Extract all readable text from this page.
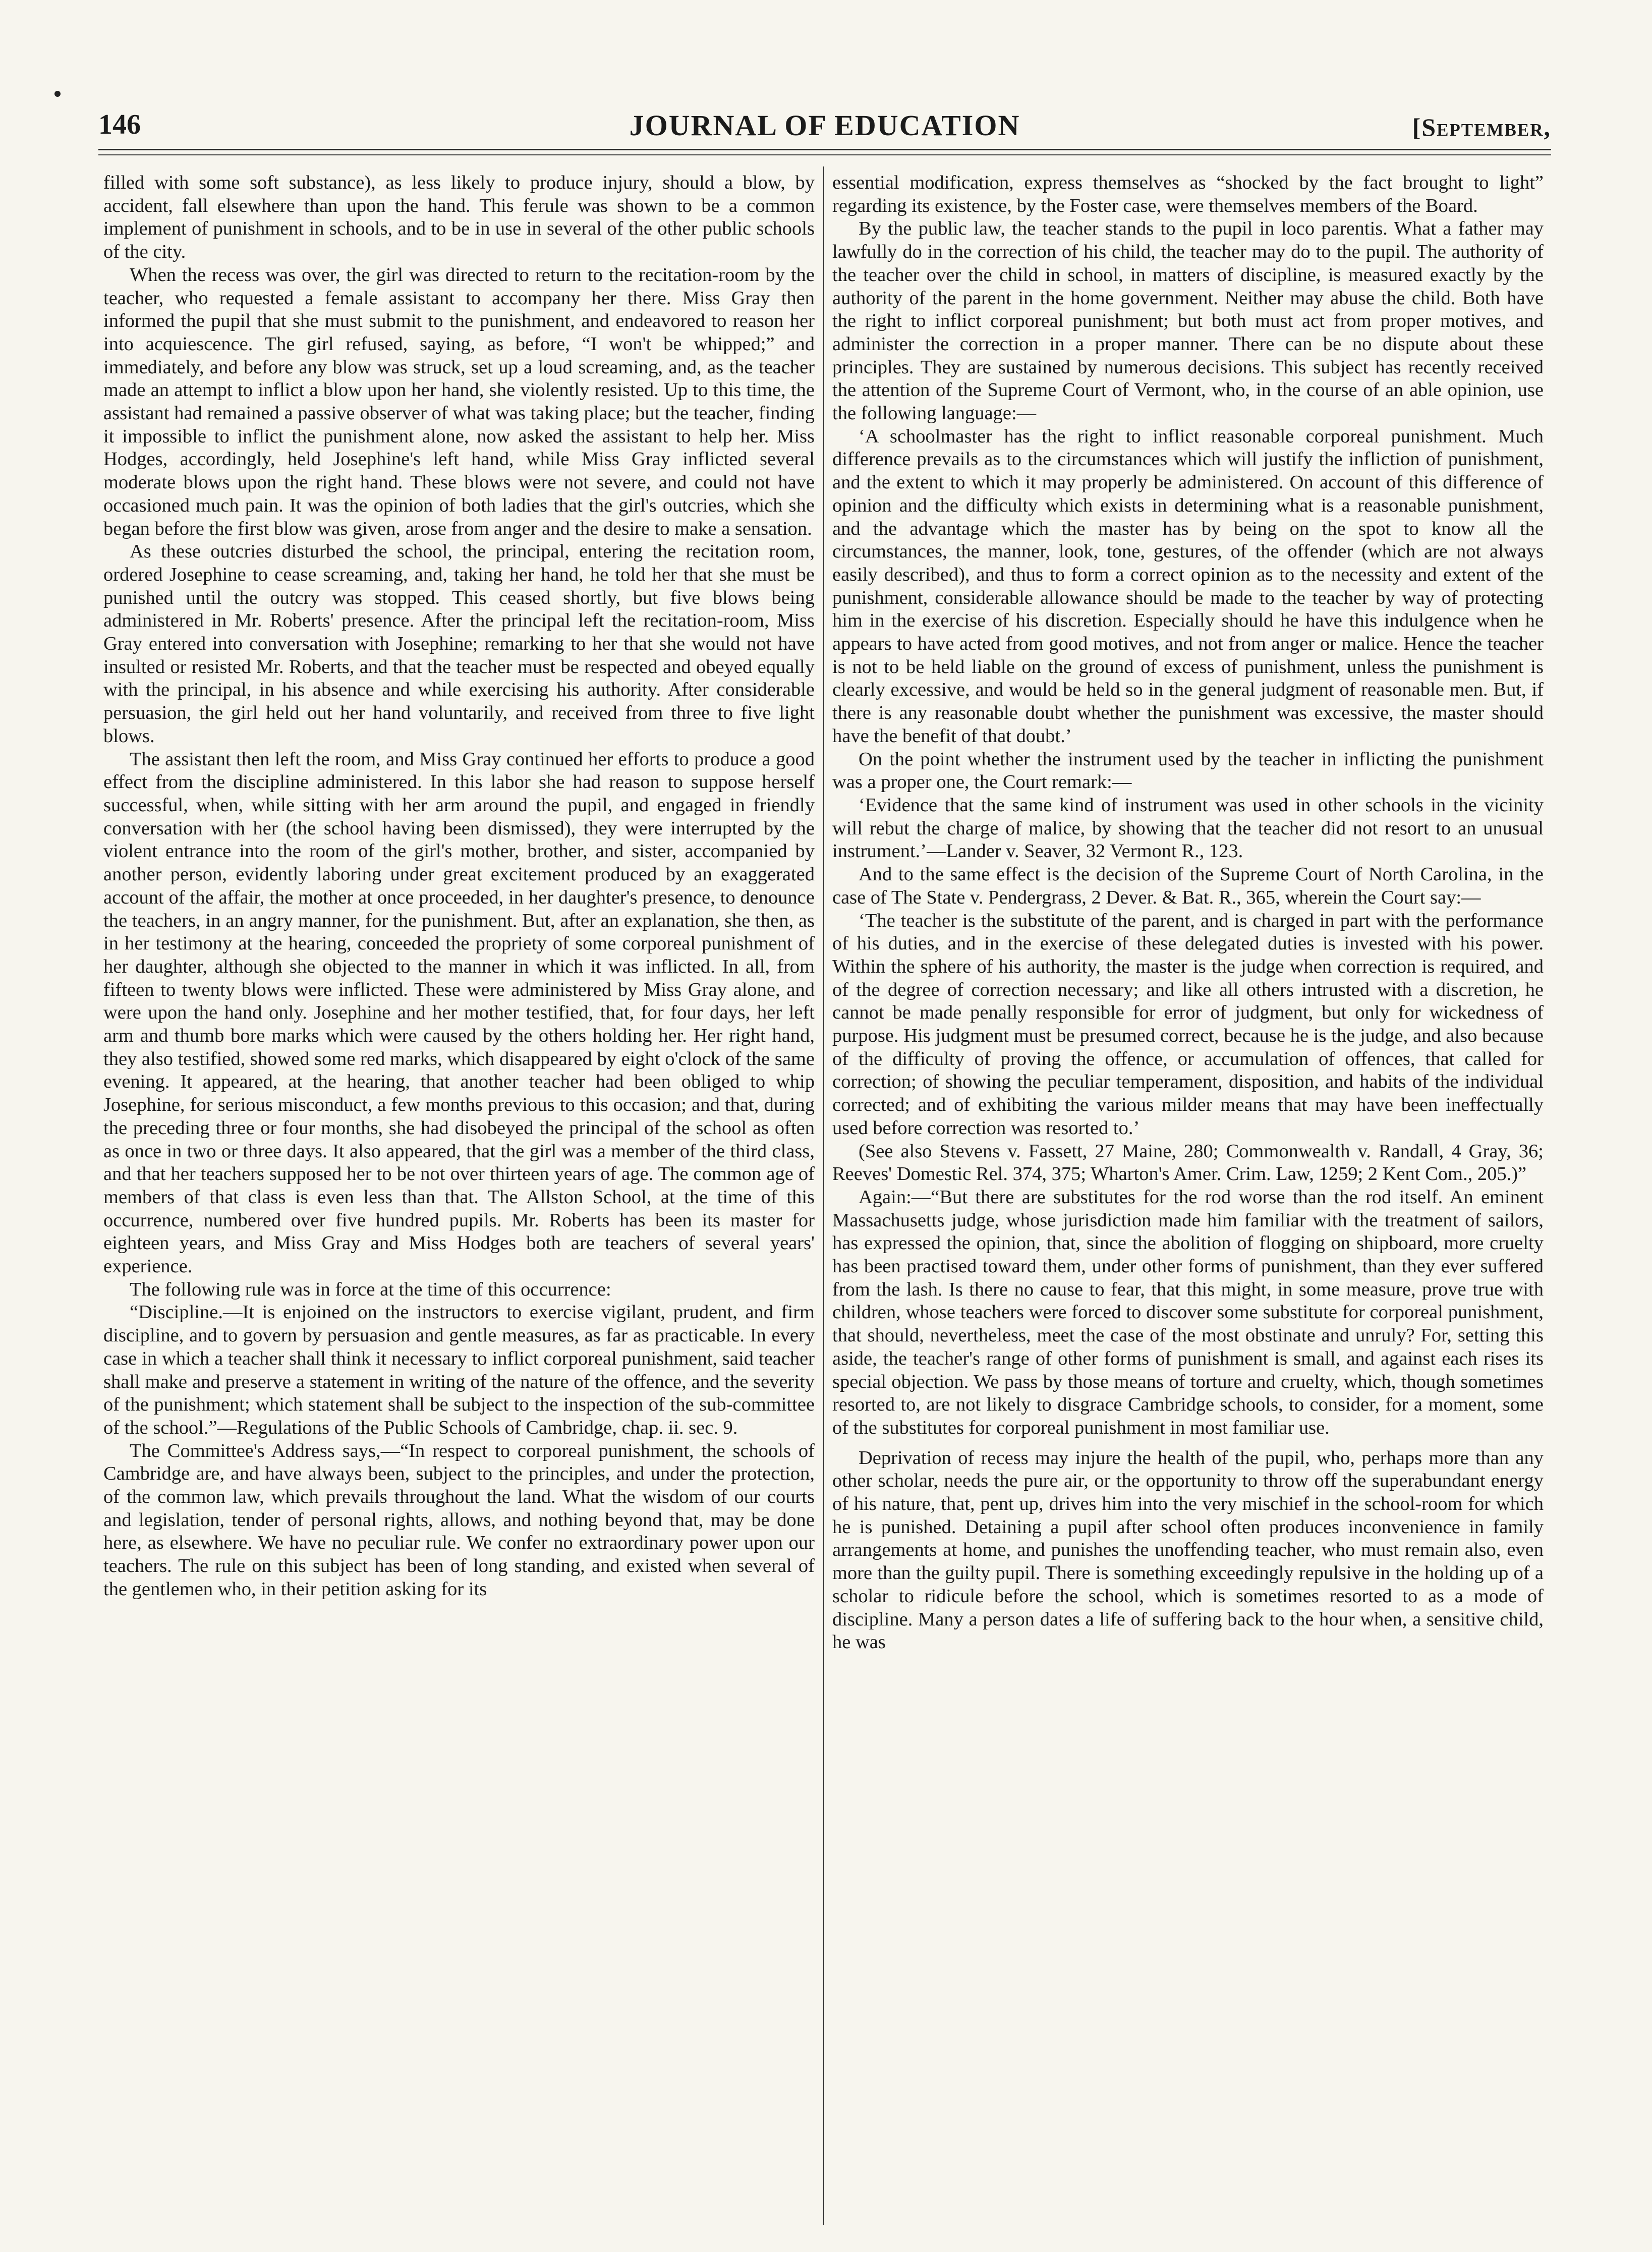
146	JOURNAL OF EDUCATION	[September,

filled with some soft substance), as less likely to produce injury, should a blow, by accident, fall elsewhere than upon the hand. This ferule was shown to be a common implement of punishment in schools, and to be in use in several of the other public schools of the city.

When the recess was over, the girl was directed to return to the recitation-room by the teacher, who requested a female assistant to accompany her there. Miss Gray then informed the pupil that she must submit to the punishment, and endeavored to reason her into acquiescence. The girl refused, saying, as before, “I won't be whipped;” and immediately, and before any blow was struck, set up a loud screaming, and, as the teacher made an attempt to inflict a blow upon her hand, she violently resisted. Up to this time, the assistant had remained a passive observer of what was taking place; but the teacher, finding it impossible to inflict the punishment alone, now asked the assistant to help her. Miss Hodges, accordingly, held Josephine's left hand, while Miss Gray inflicted several moderate blows upon the right hand. These blows were not severe, and could not have occasioned much pain. It was the opinion of both ladies that the girl's outcries, which she began before the first blow was given, arose from anger and the desire to make a sensation.

As these outcries disturbed the school, the principal, entering the recitation room, ordered Josephine to cease screaming, and, taking her hand, he told her that she must be punished until the outcry was stopped. This ceased shortly, but five blows being administered in Mr. Roberts' presence. After the principal left the recitation-room, Miss Gray entered into conversation with Josephine; remarking to her that she would not have insulted or resisted Mr. Roberts, and that the teacher must be respected and obeyed equally with the principal, in his absence and while exercising his authority. After considerable persuasion, the girl held out her hand voluntarily, and received from three to five light blows.

The assistant then left the room, and Miss Gray continued her efforts to produce a good effect from the discipline administered. In this labor she had reason to suppose herself successful, when, while sitting with her arm around the pupil, and engaged in friendly conversation with her (the school having been dismissed), they were interrupted by the violent entrance into the room of the girl's mother, brother, and sister, accompanied by another person, evidently laboring under great excitement produced by an exaggerated account of the affair, the mother at once proceeded, in her daughter's presence, to denounce the teachers, in an angry manner, for the punishment. But, after an explanation, she then, as in her testimony at the hearing, conceeded the propriety of some corporeal punishment of her daughter, although she objected to the manner in which it was inflicted. In all, from fifteen to twenty blows were inflicted. These were administered by Miss Gray alone, and were upon the hand only. Josephine and her mother testified, that, for four days, her left arm and thumb bore marks which were caused by the others holding her. Her right hand, they also testified, showed some red marks, which disappeared by eight o'clock of the same evening. It appeared, at the hearing, that another teacher had been obliged to whip Josephine, for serious misconduct, a few months previous to this occasion; and that, during the preceding three or four months, she had disobeyed the principal of the school as often as once in two or three days. It also appeared, that the girl was a member of the third class, and that her teachers supposed her to be not over thirteen years of age. The common age of members of that class is even less than that. The Allston School, at the time of this occurrence, numbered over five hundred pupils. Mr. Roberts has been its master for eighteen years, and Miss Gray and Miss Hodges both are teachers of several years' experience.

The following rule was in force at the time of this occurrence:

“Discipline.—It is enjoined on the instructors to exercise vigilant, prudent, and firm discipline, and to govern by persuasion and gentle measures, as far as practicable. In every case in which a teacher shall think it necessary to inflict corporeal punishment, said teacher shall make and preserve a statement in writing of the nature of the offence, and the severity of the punishment; which statement shall be subject to the inspection of the sub-committee of the school.”—Regulations of the Public Schools of Cambridge, chap. ii. sec. 9.

The Committee's Address says,—“In respect to corporeal punishment, the schools of Cambridge are, and have always been, subject to the principles, and under the protection, of the common law, which prevails throughout the land. What the wisdom of our courts and legislation, tender of personal rights, allows, and nothing beyond that, may be done here, as elsewhere. We have no peculiar rule. We confer no extraordinary power upon our teachers. The rule on this subject has been of long standing, and existed when several of the gentlemen who, in their petition asking for its

essential modification, express themselves as “shocked by the fact brought to light” regarding its existence, by the Foster case, were themselves members of the Board.

By the public law, the teacher stands to the pupil in loco parentis. What a father may lawfully do in the correction of his child, the teacher may do to the pupil. The authority of the teacher over the child in school, in matters of discipline, is measured exactly by the authority of the parent in the home government. Neither may abuse the child. Both have the right to inflict corporeal punishment; but both must act from proper motives, and administer the correction in a proper manner. There can be no dispute about these principles. They are sustained by numerous decisions. This subject has recently received the attention of the Supreme Court of Vermont, who, in the course of an able opinion, use the following language:—

‘A schoolmaster has the right to inflict reasonable corporeal punishment. Much difference prevails as to the circumstances which will justify the infliction of punishment, and the extent to which it may properly be administered. On account of this difference of opinion and the difficulty which exists in determining what is a reasonable punishment, and the advantage which the master has by being on the spot to know all the circumstances, the manner, look, tone, gestures, of the offender (which are not always easily described), and thus to form a correct opinion as to the necessity and extent of the punishment, considerable allowance should be made to the teacher by way of protecting him in the exercise of his discretion. Especially should he have this indulgence when he appears to have acted from good motives, and not from anger or malice. Hence the teacher is not to be held liable on the ground of excess of punishment, unless the punishment is clearly excessive, and would be held so in the general judgment of reasonable men. But, if there is any reasonable doubt whether the punishment was excessive, the master should have the benefit of that doubt.’

On the point whether the instrument used by the teacher in inflicting the punishment was a proper one, the Court remark:—

‘Evidence that the same kind of instrument was used in other schools in the vicinity will rebut the charge of malice, by showing that the teacher did not resort to an unusual instrument.’—Lander v. Seaver, 32 Vermont R., 123.

And to the same effect is the decision of the Supreme Court of North Carolina, in the case of The State v. Pendergrass, 2 Dever. & Bat. R., 365, wherein the Court say:—

‘The teacher is the substitute of the parent, and is charged in part with the performance of his duties, and in the exercise of these delegated duties is invested with his power. Within the sphere of his authority, the master is the judge when correction is required, and of the degree of correction necessary; and like all others intrusted with a discretion, he cannot be made penally responsible for error of judgment, but only for wickedness of purpose. His judgment must be presumed correct, because he is the judge, and also because of the difficulty of proving the offence, or accumulation of offences, that called for correction; of showing the peculiar temperament, disposition, and habits of the individual corrected; and of exhibiting the various milder means that may have been ineffectually used before correction was resorted to.’

(See also Stevens v. Fassett, 27 Maine, 280; Commonwealth v. Randall, 4 Gray, 36; Reeves' Domestic Rel. 374, 375; Wharton's Amer. Crim. Law, 1259; 2 Kent Com., 205.)”

Again:—“But there are substitutes for the rod worse than the rod itself. An eminent Massachusetts judge, whose jurisdiction made him familiar with the treatment of sailors, has expressed the opinion, that, since the abolition of flogging on shipboard, more cruelty has been practised toward them, under other forms of punishment, than they ever suffered from the lash. Is there no cause to fear, that this might, in some measure, prove true with children, whose teachers were forced to discover some substitute for corporeal punishment, that should, nevertheless, meet the case of the most obstinate and unruly? For, setting this aside, the teacher's range of other forms of punishment is small, and against each rises its special objection. We pass by those means of torture and cruelty, which, though sometimes resorted to, are not likely to disgrace Cambridge schools, to consider, for a moment, some of the substitutes for corporeal punishment in most familiar use.

Deprivation of recess may injure the health of the pupil, who, perhaps more than any other scholar, needs the pure air, or the opportunity to throw off the superabundant energy of his nature, that, pent up, drives him into the very mischief in the school-room for which he is punished. Detaining a pupil after school often produces inconvenience in family arrangements at home, and punishes the unoffending teacher, who must remain also, even more than the guilty pupil. There is something exceedingly repulsive in the holding up of a scholar to ridicule before the school, which is sometimes resorted to as a mode of discipline. Many a person dates a life of suffering back to the hour when, a sensitive child, he was
